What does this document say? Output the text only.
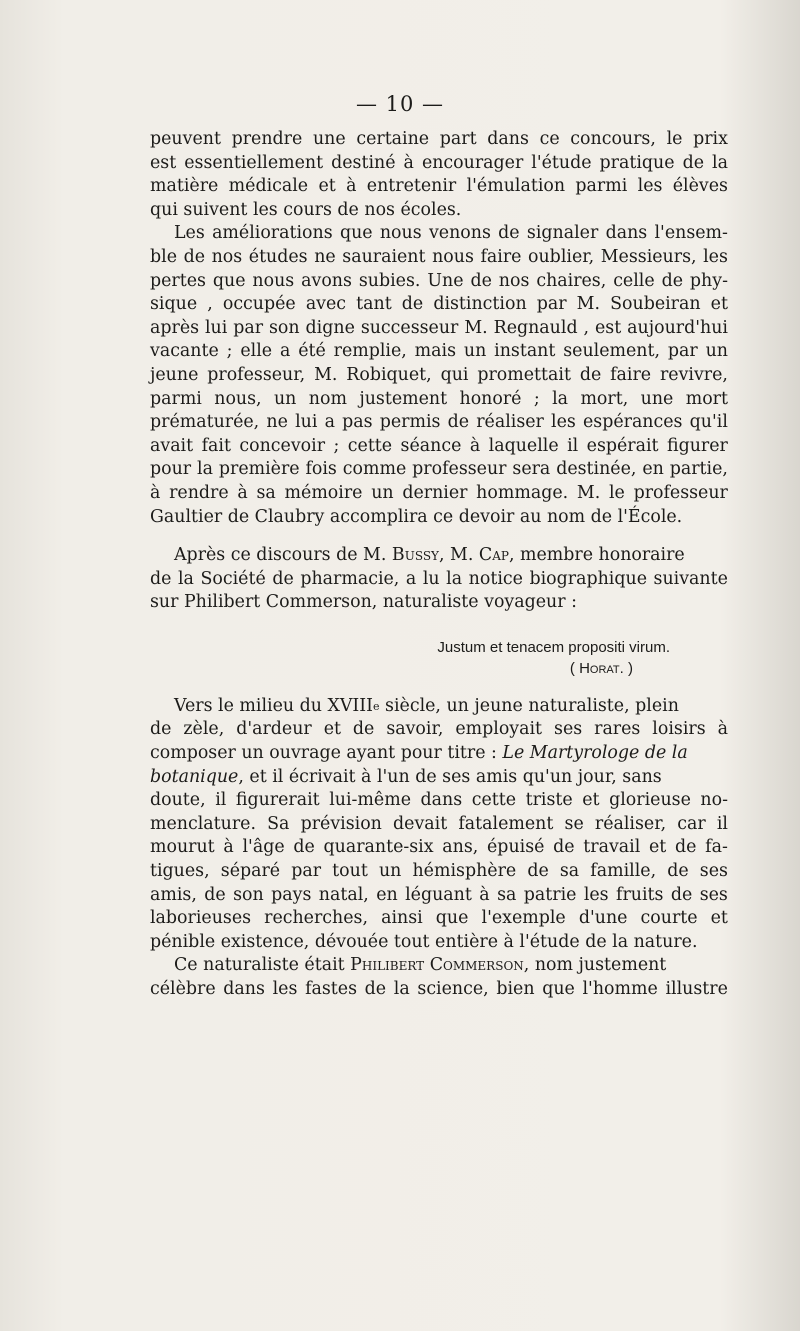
— 10 —
peuvent prendre une certaine part dans ce concours, le prix
est essentiellement destiné à encourager l'étude pratique de la
matière médicale et à entretenir l'émulation parmi les élèves
qui suivent les cours de nos écoles.
Les améliorations que nous venons de signaler dans l'ensem-
ble de nos études ne sauraient nous faire oublier, Messieurs, les
pertes que nous avons subies. Une de nos chaires, celle de phy-
sique , occupée avec tant de distinction par M. Soubeiran et
après lui par son digne successeur M. Regnauld , est aujourd'hui
vacante ; elle a été remplie, mais un instant seulement, par un
jeune professeur, M. Robiquet, qui promettait de faire revivre,
parmi nous, un nom justement honoré ; la mort, une mort
prématurée, ne lui a pas permis de réaliser les espérances qu'il
avait fait concevoir ; cette séance à laquelle il espérait figurer
pour la première fois comme professeur sera destinée, en partie,
à rendre à sa mémoire un dernier hommage. M. le professeur
Gaultier de Claubry accomplira ce devoir au nom de l'École.
Après ce discours de M. Bussy , M. Cap , membre honoraire
de la Société de pharmacie, a lu la notice biographique suivante
sur Philibert Commerson, naturaliste voyageur :
Justum et tenacem propositi virum.
( Horat. )
Vers le milieu du XVIII e siècle, un jeune naturaliste, plein
de zèle, d'ardeur et de savoir, employait ses rares loisirs à
composer un ouvrage ayant pour titre : Le Martyrologe de la
botanique , et il écrivait à l'un de ses amis qu'un jour, sans
doute, il figurerait lui-même dans cette triste et glorieuse no-
menclature. Sa prévision devait fatalement se réaliser, car il
mourut à l'âge de quarante-six ans, épuisé de travail et de fa-
tigues, séparé par tout un hémisphère de sa famille, de ses
amis, de son pays natal, en léguant à sa patrie les fruits de ses
laborieuses recherches, ainsi que l'exemple d'une courte et
pénible existence, dévouée tout entière à l'étude de la nature.
Ce naturaliste était Philibert Commerson , nom justement
célèbre dans les fastes de la science, bien que l'homme illustre
